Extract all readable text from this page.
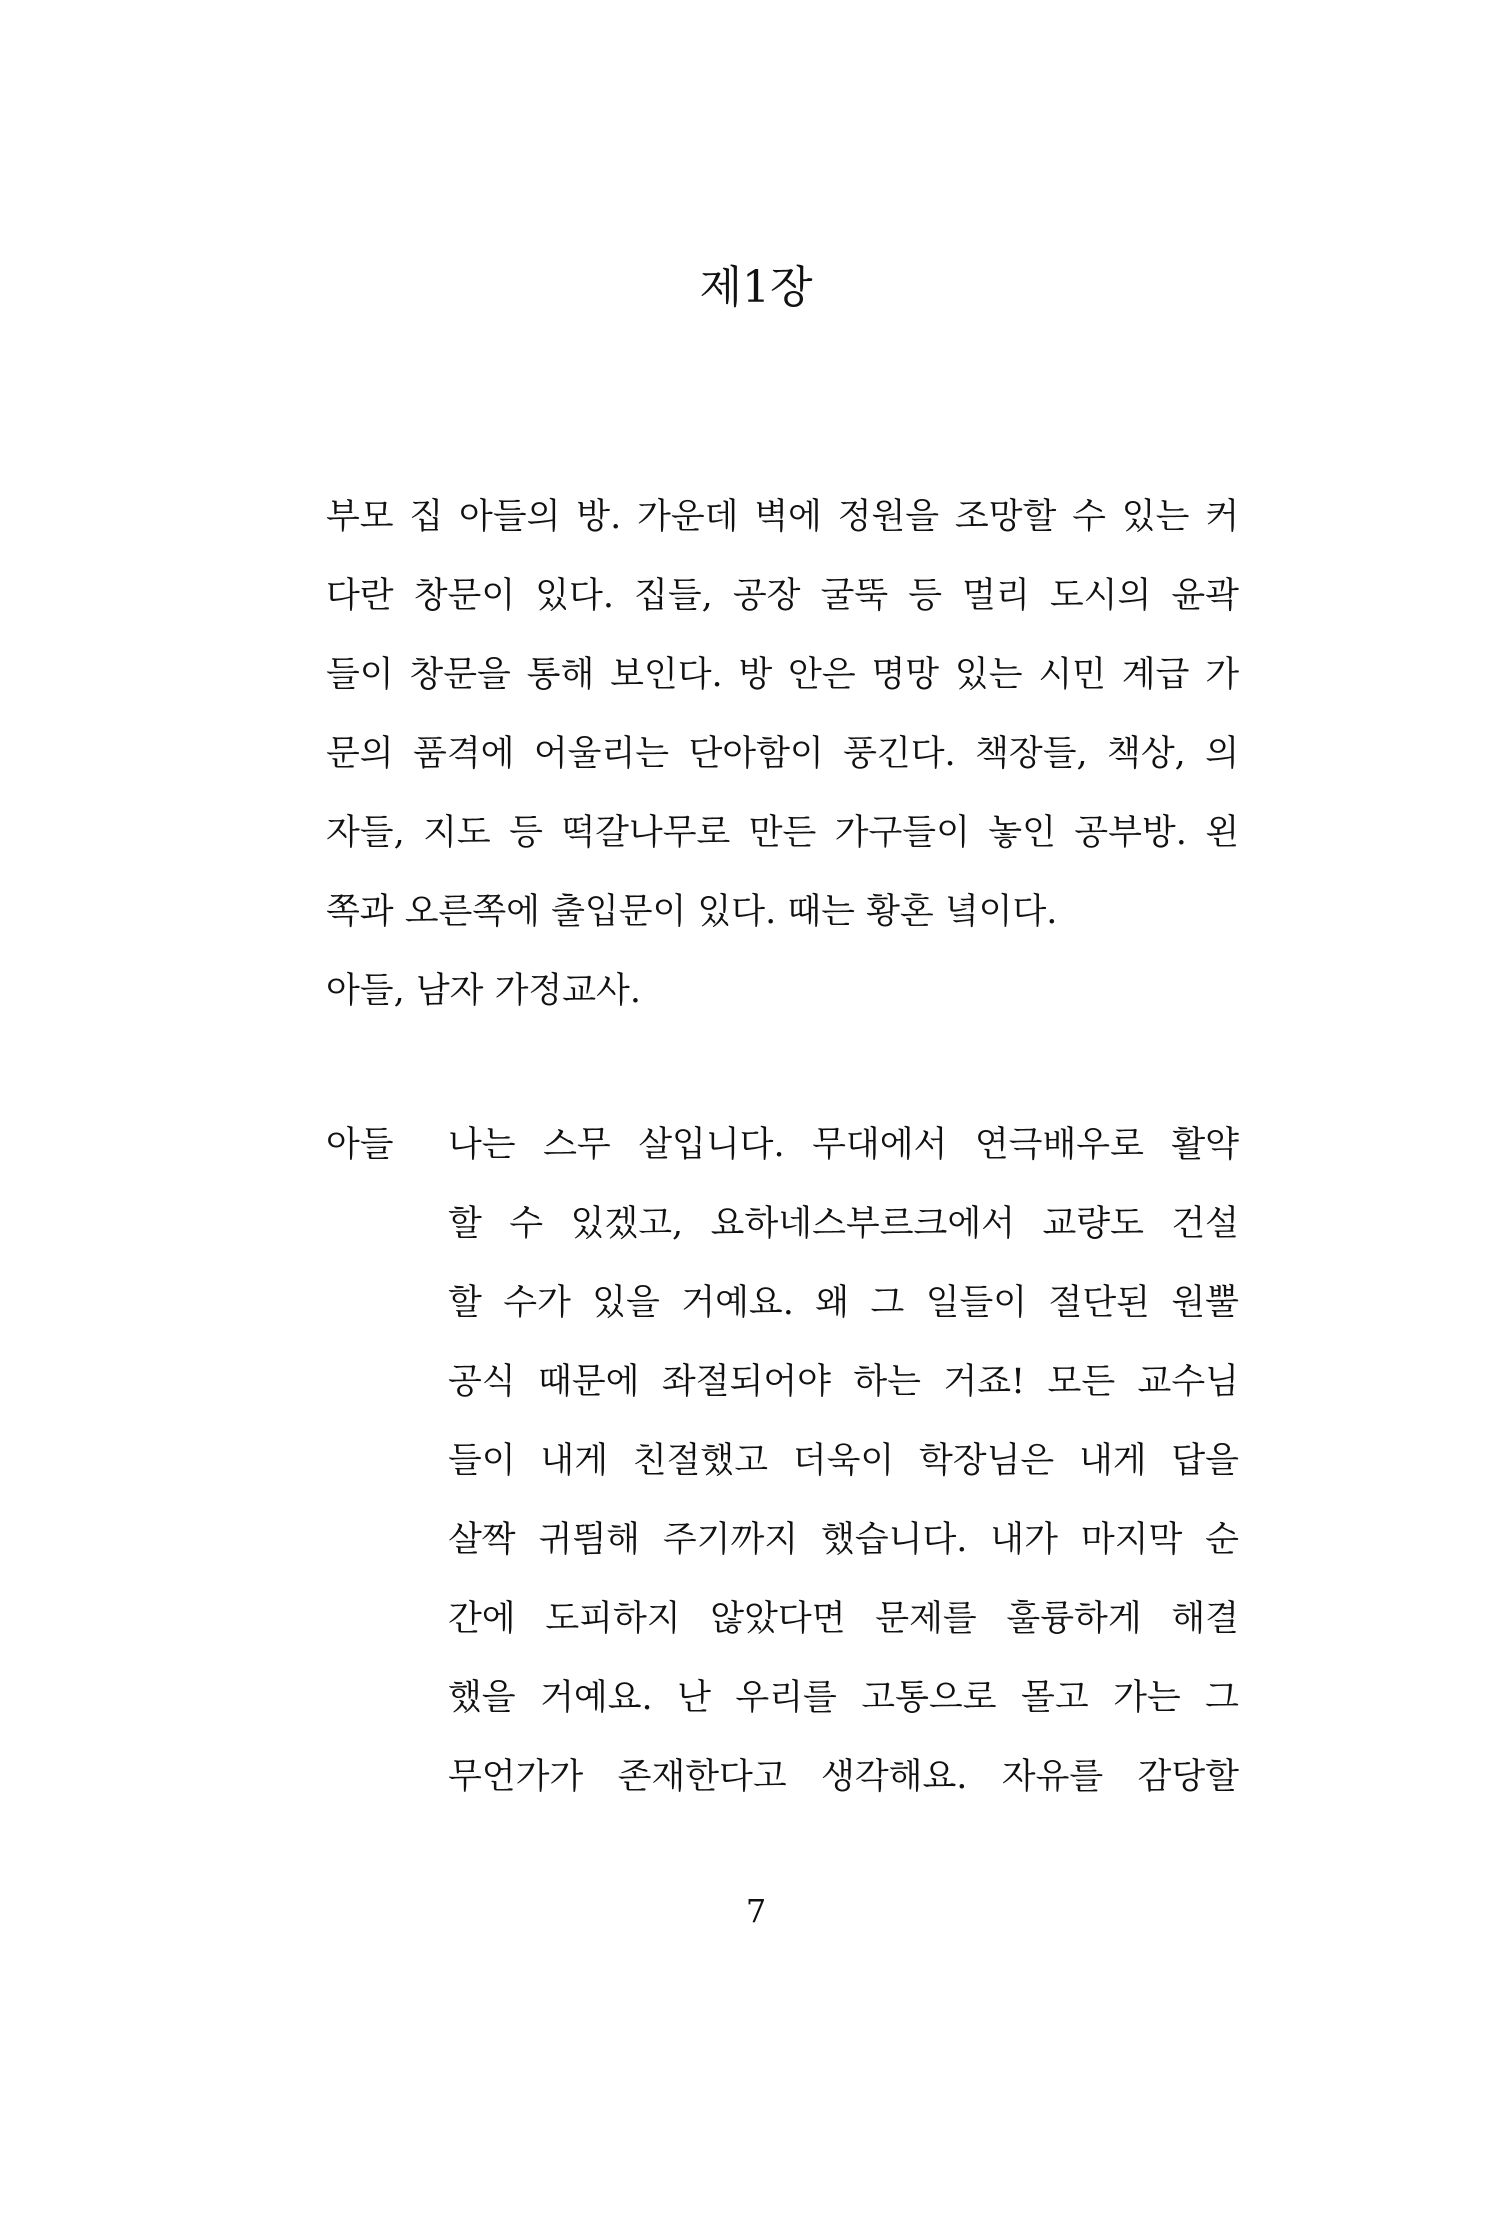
제1장
부모 집 아들의 방. 가운데 벽에 정원을 조망할 수 있는 커
다란 창문이 있다. 집들, 공장 굴뚝 등 멀리 도시의 윤곽
들이 창문을 통해 보인다. 방 안은 명망 있는 시민 계급 가
문의 품격에 어울리는 단아함이 풍긴다. 책장들, 책상, 의
자들, 지도 등 떡갈나무로 만든 가구들이 놓인 공부방. 왼
쪽과 오른쪽에 출입문이 있다. 때는 황혼 녘이다.
아들, 남자 가정교사.
아들 나는 스무 살입니다. 무대에서 연극배우로 활약
할 수 있겠고, 요하네스부르크에서 교량도 건설
할 수가 있을 거예요. 왜 그 일들이 절단된 원뿔
공식 때문에 좌절되어야 하는 거죠! 모든 교수님
들이 내게 친절했고 더욱이 학장님은 내게 답을
살짝 귀띔해 주기까지 했습니다. 내가 마지막 순
간에 도피하지 않았다면 문제를 훌륭하게 해결
했을 거예요. 난 우리를 고통으로 몰고 가는 그
무언가가 존재한다고 생각해요. 자유를 감당할
7
